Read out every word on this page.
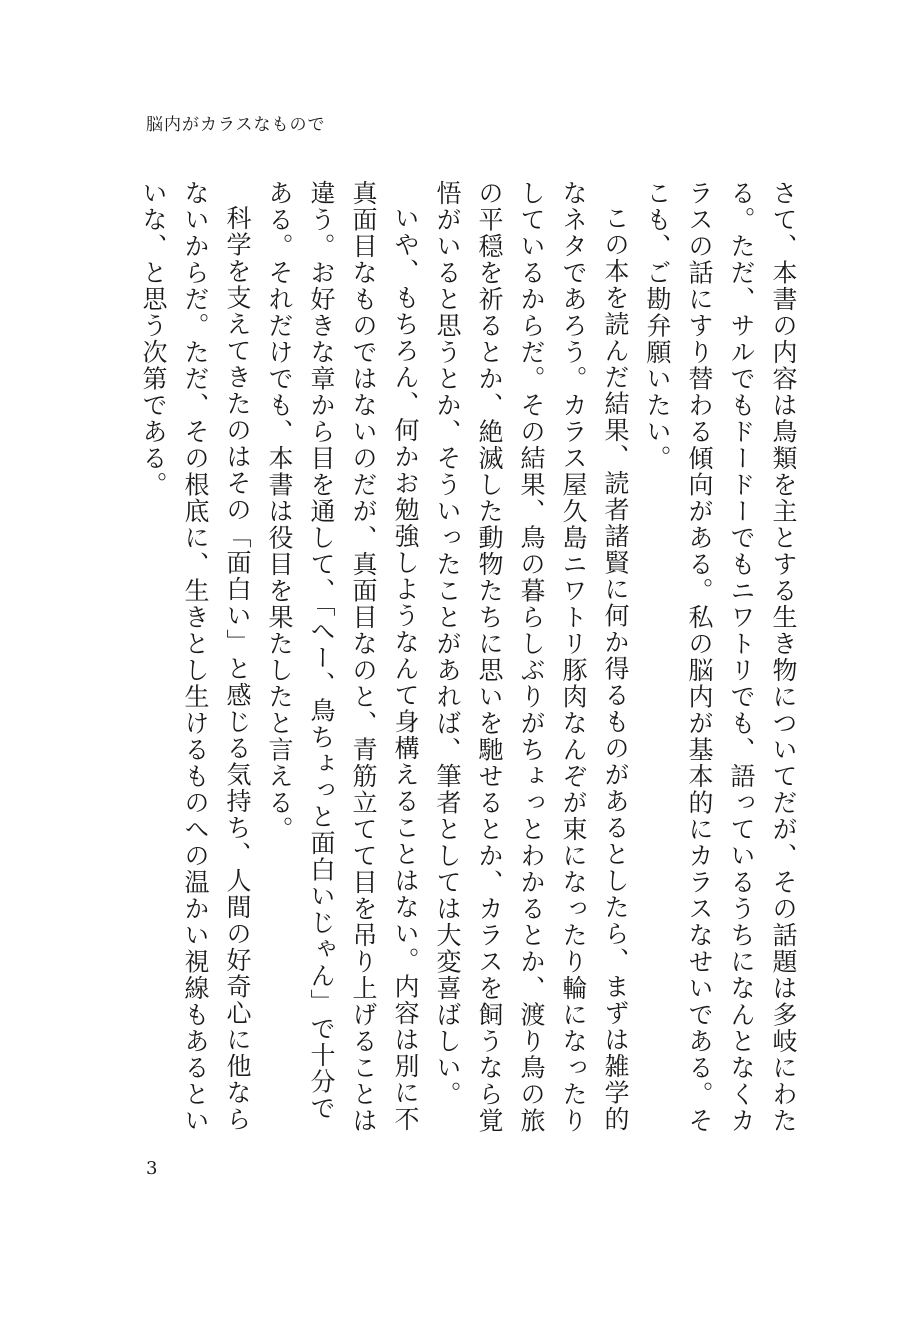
脳内がカラスなもので

さて、本書の内容は鳥類を主とする生き物についてだが、その話題は多岐にわたる。ただ、サルでもドードーでもニワトリでも、語っているうちになんとなくカラスの話にすり替わる傾向がある。私の脳内が基本的にカラスなせいである。そこも、ご勘弁願いたい。

この本を読んだ結果、読者諸賢に何か得るものがあるとしたら、まずは雑学的なネタであろう。カラス屋久島ニワトリ豚肉なんぞが束になったり輪になったりしているからだ。その結果、鳥の暮らしぶりがちょっとわかるとか、渡り鳥の旅の平穏を祈るとか、絶滅した動物たちに思いを馳せるとか、カラスを飼うなら覚悟がいると思うとか、そういったことがあれば、筆者としては大変喜ばしい。

いや、もちろん、何かお勉強しようなんて身構えることはない。内容は別に不真面目なものではないのだが、真面目なのと、青筋立てて目を吊り上げることは違う。お好きな章から目を通して、「へー、鳥ちょっと面白いじゃん」で十分である。それだけでも、本書は役目を果たしたと言える。

科学を支えてきたのはその「面白い」と感じる気持ち、人間の好奇心に他ならないからだ。ただ、その根底に、生きとし生けるものへの温かい視線もあるといいな、と思う次第である。

3
